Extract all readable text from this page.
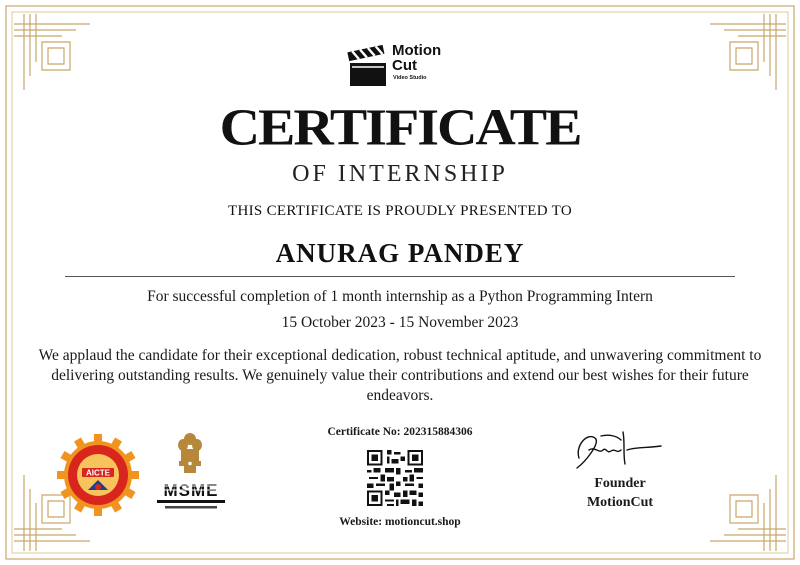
Motion
Cut
Video Studio
CERTIFICATE
OF INTERNSHIP
THIS CERTIFICATE IS PROUDLY PRESENTED TO
ANURAG PANDEY
For successful completion of 1 month internship as a Python Programming Intern
15 October 2023 - 15 November 2023
We applaud the candidate for their exceptional dedication, robust technical aptitude, and unwavering commitment to delivering outstanding results. We genuinely value their contributions and extend our best wishes for their future endeavors.
AICTE
MSME
Certificate No: 202315884306
Website: motioncut.shop
Founder
MotionCut
